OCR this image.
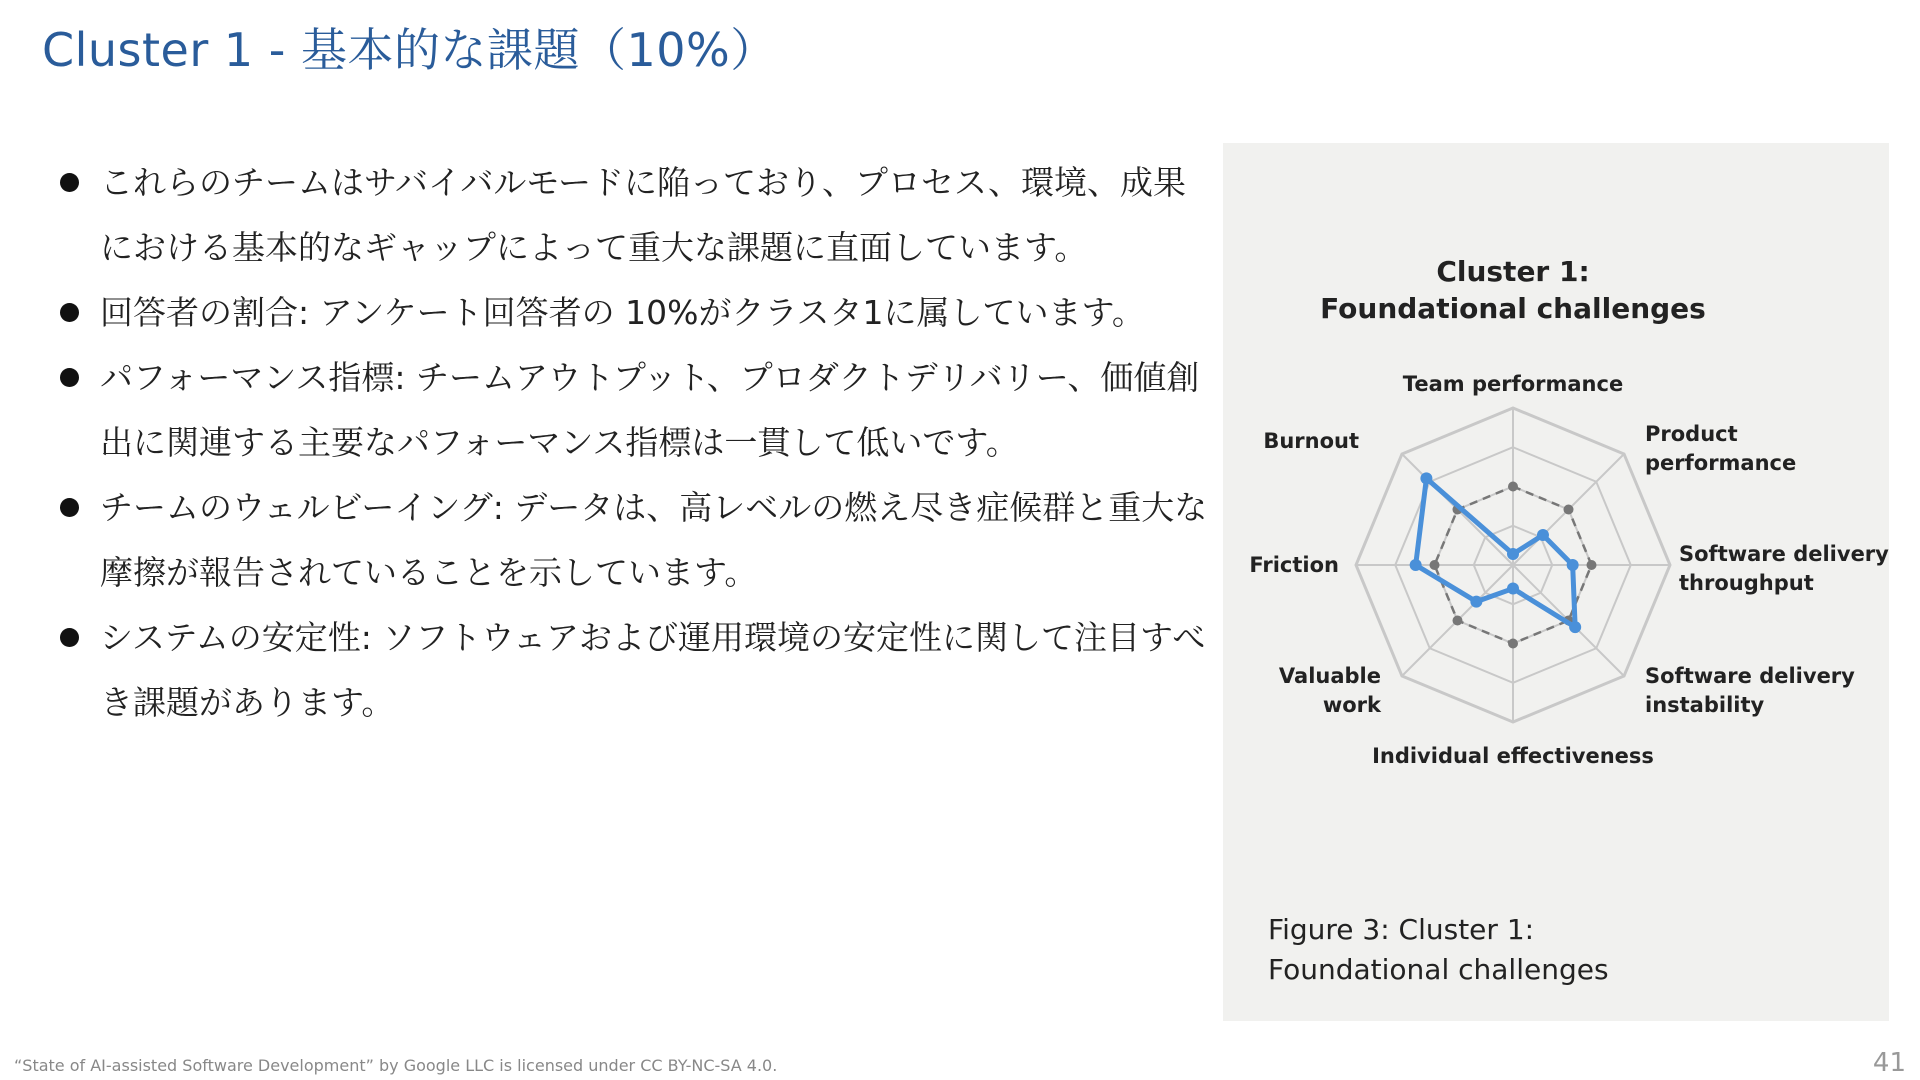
Cluster 1 - 基本的な課題（10%）
これらのチームはサバイバルモードに陥っており、プロセス、環境、成果における基本的なギャップによって重大な課題に直面しています。
回答者の割合: アンケート回答者の 10%がクラスタ1に属しています。
パフォーマンス指標: チームアウトプット、プロダクトデリバリー、価値創出に関連する主要なパフォーマンス指標は一貫して低いです。
チームのウェルビーイング: データは、高レベルの燃え尽き症候群と重大な摩擦が報告されていることを示しています。
システムの安定性: ソフトウェアおよび運用環境の安定性に関して注目すべき課題があります。
Cluster 1:
Foundational challenges
Team performance
Product
performance
Software delivery
throughput
Software delivery
instability
Individual effectiveness
Valuable
work
Friction
Burnout
Figure 3: Cluster 1:
Foundational challenges
“State of AI-assisted Software Development” by Google LLC is licensed under CC BY-NC-SA 4.0.	41
